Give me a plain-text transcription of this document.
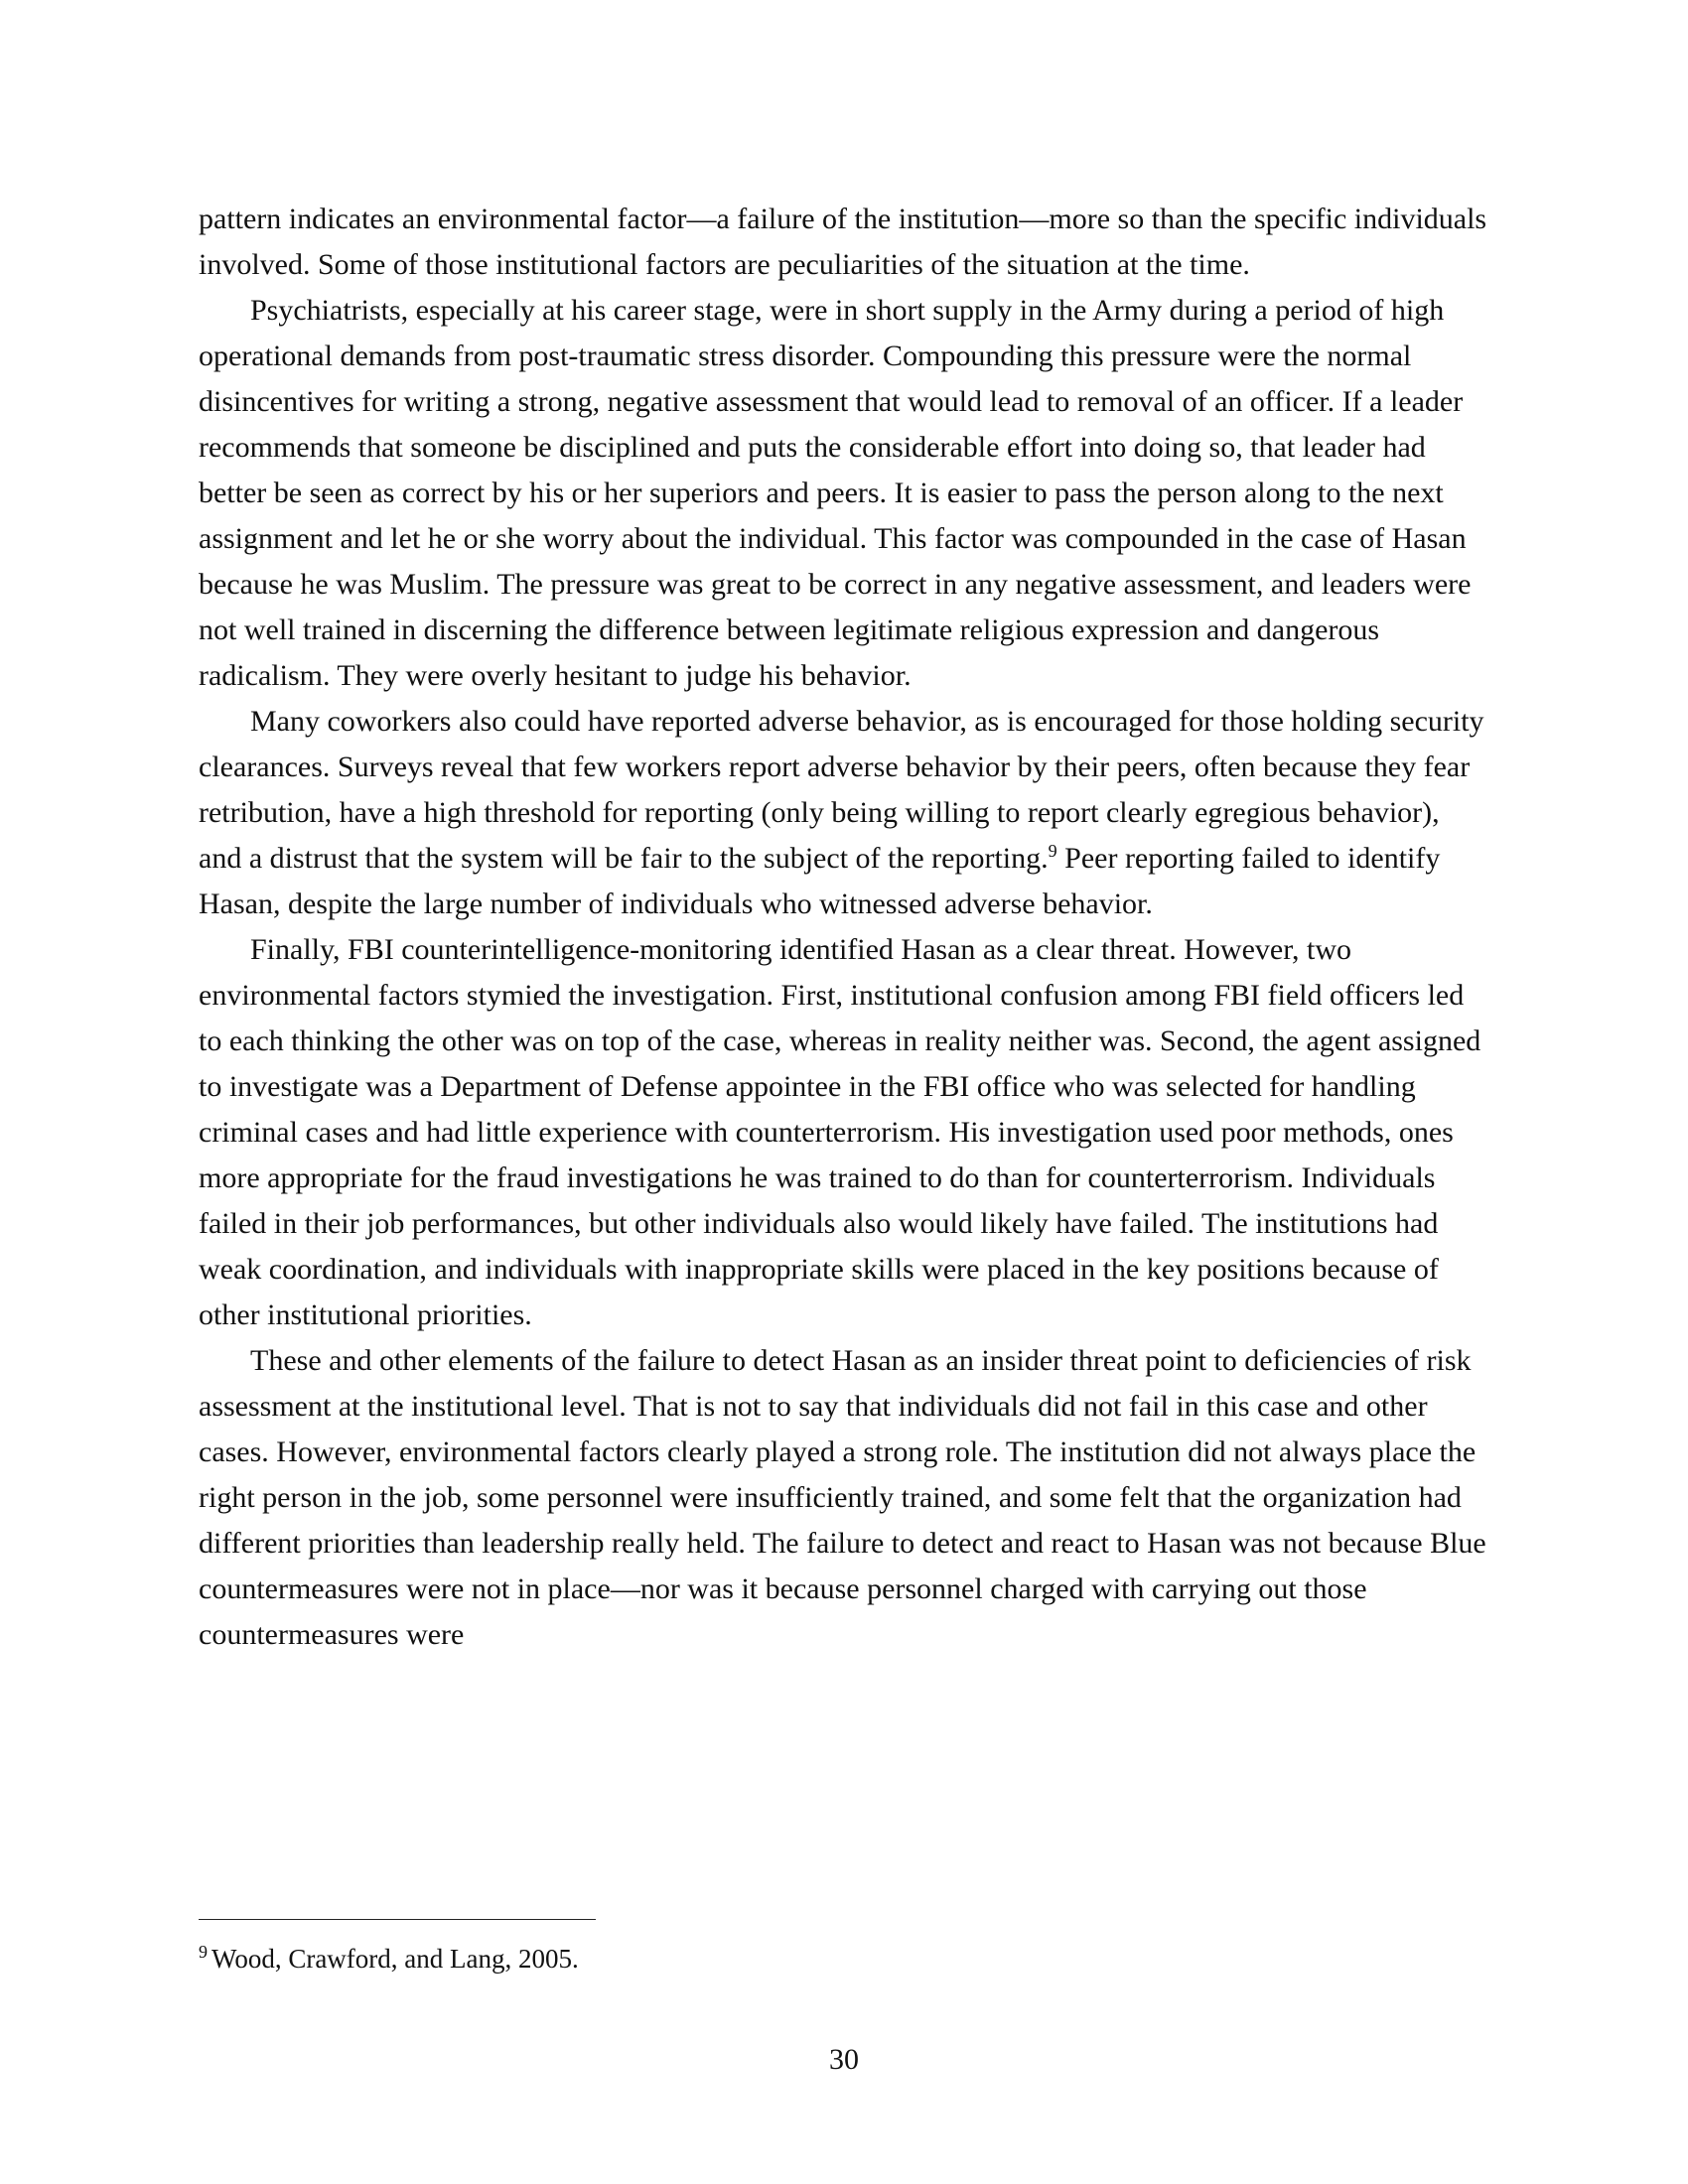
pattern indicates an environmental factor—a failure of the institution—more so than the specific individuals involved. Some of those institutional factors are peculiarities of the situation at the time.

Psychiatrists, especially at his career stage, were in short supply in the Army during a period of high operational demands from post-traumatic stress disorder. Compounding this pressure were the normal disincentives for writing a strong, negative assessment that would lead to removal of an officer. If a leader recommends that someone be disciplined and puts the considerable effort into doing so, that leader had better be seen as correct by his or her superiors and peers. It is easier to pass the person along to the next assignment and let he or she worry about the individual. This factor was compounded in the case of Hasan because he was Muslim. The pressure was great to be correct in any negative assessment, and leaders were not well trained in discerning the difference between legitimate religious expression and dangerous radicalism. They were overly hesitant to judge his behavior.

Many coworkers also could have reported adverse behavior, as is encouraged for those holding security clearances. Surveys reveal that few workers report adverse behavior by their peers, often because they fear retribution, have a high threshold for reporting (only being willing to report clearly egregious behavior), and a distrust that the system will be fair to the subject of the reporting.$^9$ Peer reporting failed to identify Hasan, despite the large number of individuals who witnessed adverse behavior.

Finally, FBI counterintelligence-monitoring identified Hasan as a clear threat. However, two environmental factors stymied the investigation. First, institutional confusion among FBI field officers led to each thinking the other was on top of the case, whereas in reality neither was. Second, the agent assigned to investigate was a Department of Defense appointee in the FBI office who was selected for handling criminal cases and had little experience with counterterrorism. His investigation used poor methods, ones more appropriate for the fraud investigations he was trained to do than for counterterrorism. Individuals failed in their job performances, but other individuals also would likely have failed. The institutions had weak coordination, and individuals with inappropriate skills were placed in the key positions because of other institutional priorities.

These and other elements of the failure to detect Hasan as an insider threat point to deficiencies of risk assessment at the institutional level. That is not to say that individuals did not fail in this case and other cases. However, environmental factors clearly played a strong role. The institution did not always place the right person in the job, some personnel were insufficiently trained, and some felt that the organization had different priorities than leadership really held. The failure to detect and react to Hasan was not because Blue countermeasures were not in place—nor was it because personnel charged with carrying out those countermeasures were

$^9$ Wood, Crawford, and Lang, 2005.
30
